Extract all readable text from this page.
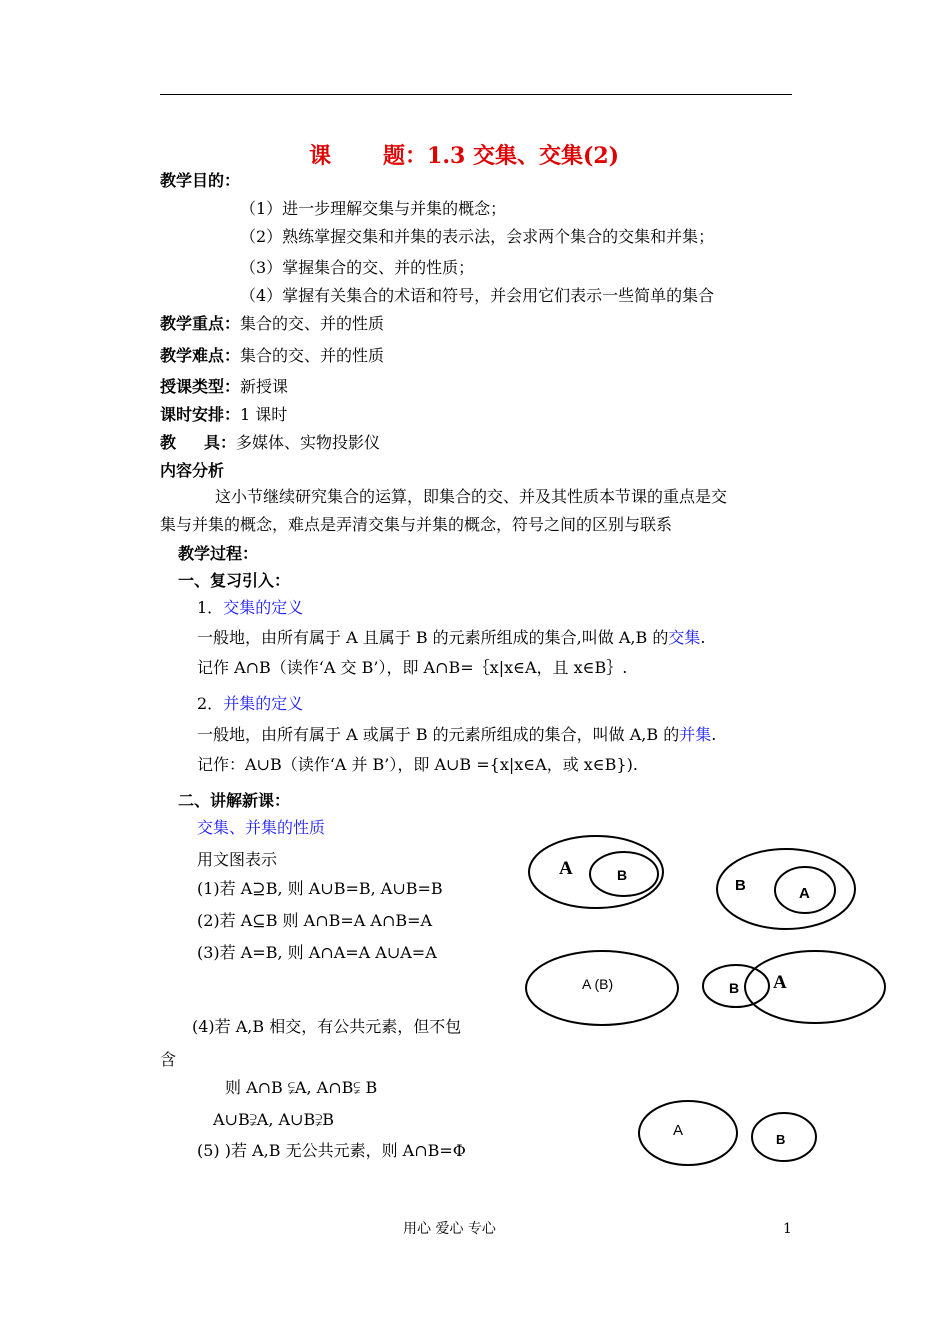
课 题：1.3 交集、交集(2)
教学目的：
（1）进一步理解交集与并集的概念；
（2）熟练掌握交集和并集的表示法，会求两个集合的交集和并集；
（3）掌握集合的交、并的性质；
（4）掌握有关集合的术语和符号，并会用它们表示一些简单的集合
教学重点：集合的交、并的性质
教学难点：集合的交、并的性质
授课类型：新授课
课时安排：1 课时
教 具：多媒体、实物投影仪
内容分析
这小节继续研究集合的运算，即集合的交、并及其性质本节课的重点是交
集与并集的概念，难点是弄清交集与并集的概念，符号之间的区别与联系
教学过程：
一、复习引入：
1．交集的定义
一般地，由所有属于 A 且属于 B 的元素所组成的集合,叫做 A,B 的交集.
记作 A∩B（读作‘A 交 B’），即 A∩B=｛x|x∈A，且 x∈B｝.
2．并集的定义
一般地，由所有属于 A 或属于 B 的元素所组成的集合，叫做 A,B 的并集.
记作：A∪B（读作‘A 并 B’），即 A∪B ={x|x∈A，或 x∈B}).
二、讲解新课：
交集、并集的性质
用文图表示
(1)若 A⊇B, 则 A∪B=B, A∪B=B
(2)若 A⊆B 则 A∩B=A A∩B=A
(3)若 A=B, 则 A∩A=A A∪A=A
(4)若 A,B 相交，有公共元素，但不包
含
则 A∩B ⫋A, A∩B⫋ B
A∪B⫌A, A∪B⫌B
(5) )若 A,B 无公共元素，则 A∩B=Φ
A	B
B	A
A (B)	B A
A
B
用心 爱心 专心	1
